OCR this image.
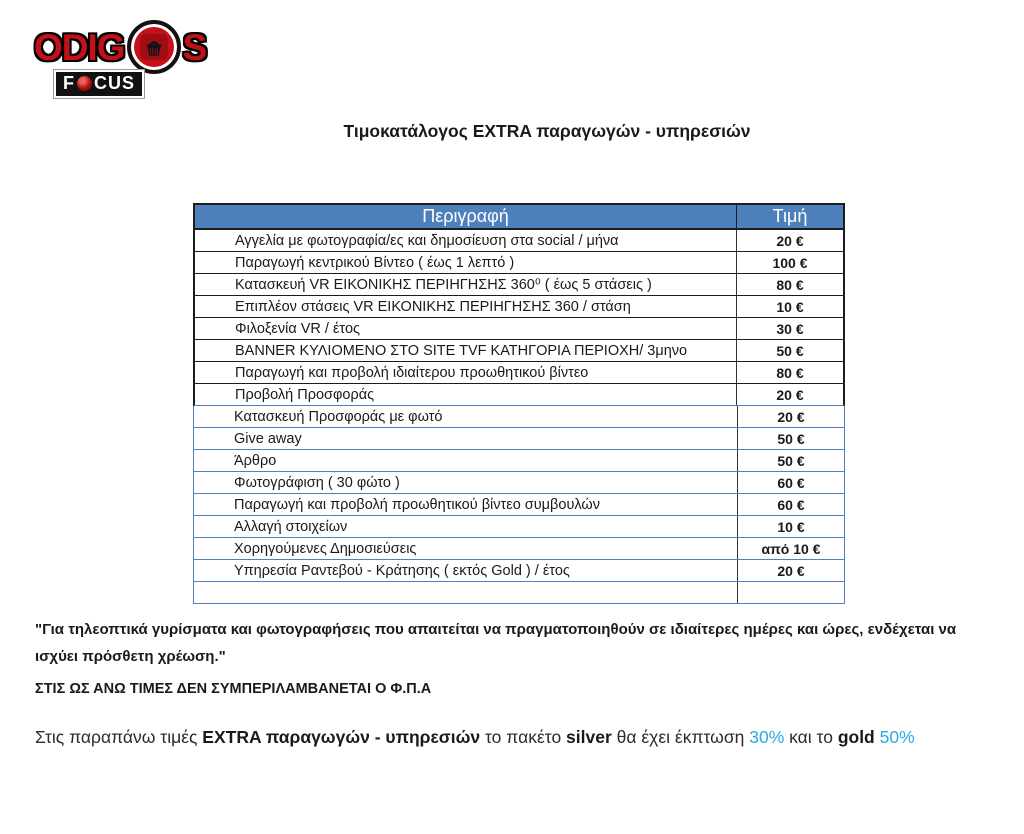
ODIG S
F CUS
Τιμοκατάλογος EXTRA παραγωγών - υπηρεσιών
Περιγραφή	Τιμή
Αγγελία με φωτογραφία/ες και δημοσίευση στα social / μήνα	20 €
Παραγωγή κεντρικού Βίντεο ( έως 1 λεπτό )	100 €
Κατασκευή VR ΕΙΚΟΝΙΚΗΣ ΠΕΡΙΗΓΗΣΗΣ 360⁰ ( έως 5 στάσεις )	80 €
Επιπλέον στάσεις VR ΕΙΚΟΝΙΚΗΣ ΠΕΡΙΗΓΗΣΗΣ 360 / στάση	10 €
Φιλοξενία VR / έτος	30 €
BANNER ΚΥΛΙΟΜΕΝΟ ΣΤΟ SITE TVF ΚΑΤΗΓΟΡΙΑ ΠΕΡΙΟΧΗ/ 3μηνο	50 €
Παραγωγή και προβολή ιδιαίτερου προωθητικού βίντεο	80 €
Προβολή Προσφοράς	20 €
Κατασκευή Προσφοράς με φωτό	20 €
Give away	50 €
Άρθρο	50 €
Φωτογράφιση ( 30 φώτο )	60 €
Παραγωγή και προβολή προωθητικού βίντεο συμβουλών	60 €
Αλλαγή στοιχείων	10 €
Χορηγούμενες Δημοσιεύσεις	από 10 €
Υπηρεσία Ραντεβού - Κράτησης ( εκτός Gold ) / έτος	20 €
"Για τηλεοπτικά γυρίσματα και φωτογραφήσεις που απαιτείται να πραγματοποιηθούν σε ιδιαίτερες ημέρες και ώρες, ενδέχεται να ισχύει πρόσθετη χρέωση."
ΣΤΙΣ ΩΣ ΑΝΩ ΤΙΜΕΣ ΔΕΝ ΣΥΜΠΕΡΙΛΑΜΒΑΝΕΤΑΙ Ο Φ.Π.Α
Στις παραπάνω τιμές EXTRA παραγωγών - υπηρεσιών το πακέτο silver θα έχει έκπτωση 30% και το gold 50%
